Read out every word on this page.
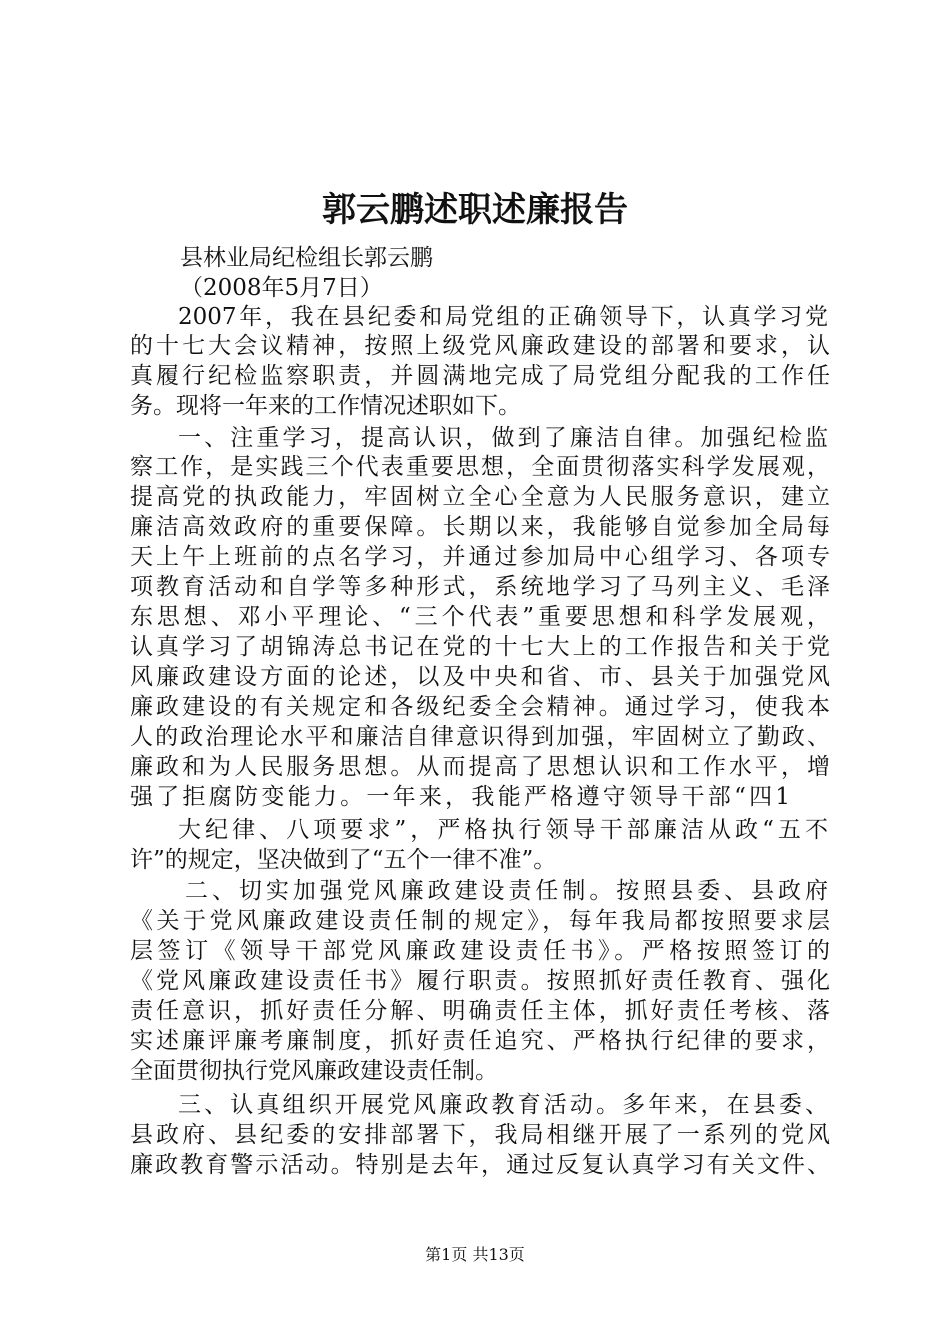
郭云鹏述职述廉报告
县林业局纪检组长郭云鹏
（2008年5月7日）
2007年，我在县纪委和局党组的正确领导下，认真学习党
的十七大会议精神，按照上级党风廉政建设的部署和要求，认
真履行纪检监察职责，并圆满地完成了局党组分配我的工作任
务。现将一年来的工作情况述职如下。
一、注重学习，提高认识，做到了廉洁自律。加强纪检监
察工作，是实践三个代表重要思想，全面贯彻落实科学发展观，
提高党的执政能力，牢固树立全心全意为人民服务意识，建立
廉洁高效政府的重要保障。长期以来，我能够自觉参加全局每
天上午上班前的点名学习，并通过参加局中心组学习、各项专
项教育活动和自学等多种形式，系统地学习了马列主义、毛泽
东思想、邓小平理论、“三个代表”重要思想和科学发展观，
认真学习了胡锦涛总书记在党的十七大上的工作报告和关于党
风廉政建设方面的论述，以及中央和省、市、县关于加强党风
廉政建设的有关规定和各级纪委全会精神。通过学习，使我本
人的政治理论水平和廉洁自律意识得到加强，牢固树立了勤政、
廉政和为人民服务思想。从而提高了思想认识和工作水平，增
强了拒腐防变能力。一年来，我能严格遵守领导干部“四1
大纪律、八项要求”，严格执行领导干部廉洁从政“五不
许”的规定，坚决做到了“五个一律不准”。
二、切实加强党风廉政建设责任制。按照县委、县政府
《关于党风廉政建设责任制的规定》，每年我局都按照要求层
层签订《领导干部党风廉政建设责任书》。严格按照签订的
《党风廉政建设责任书》履行职责。按照抓好责任教育、强化
责任意识，抓好责任分解、明确责任主体，抓好责任考核、落
实述廉评廉考廉制度，抓好责任追究、严格执行纪律的要求，
全面贯彻执行党风廉政建设责任制。
三、认真组织开展党风廉政教育活动。多年来，在县委、
县政府、县纪委的安排部署下，我局相继开展了一系列的党风
廉政教育警示活动。特别是去年，通过反复认真学习有关文件、
第1页 共13页
